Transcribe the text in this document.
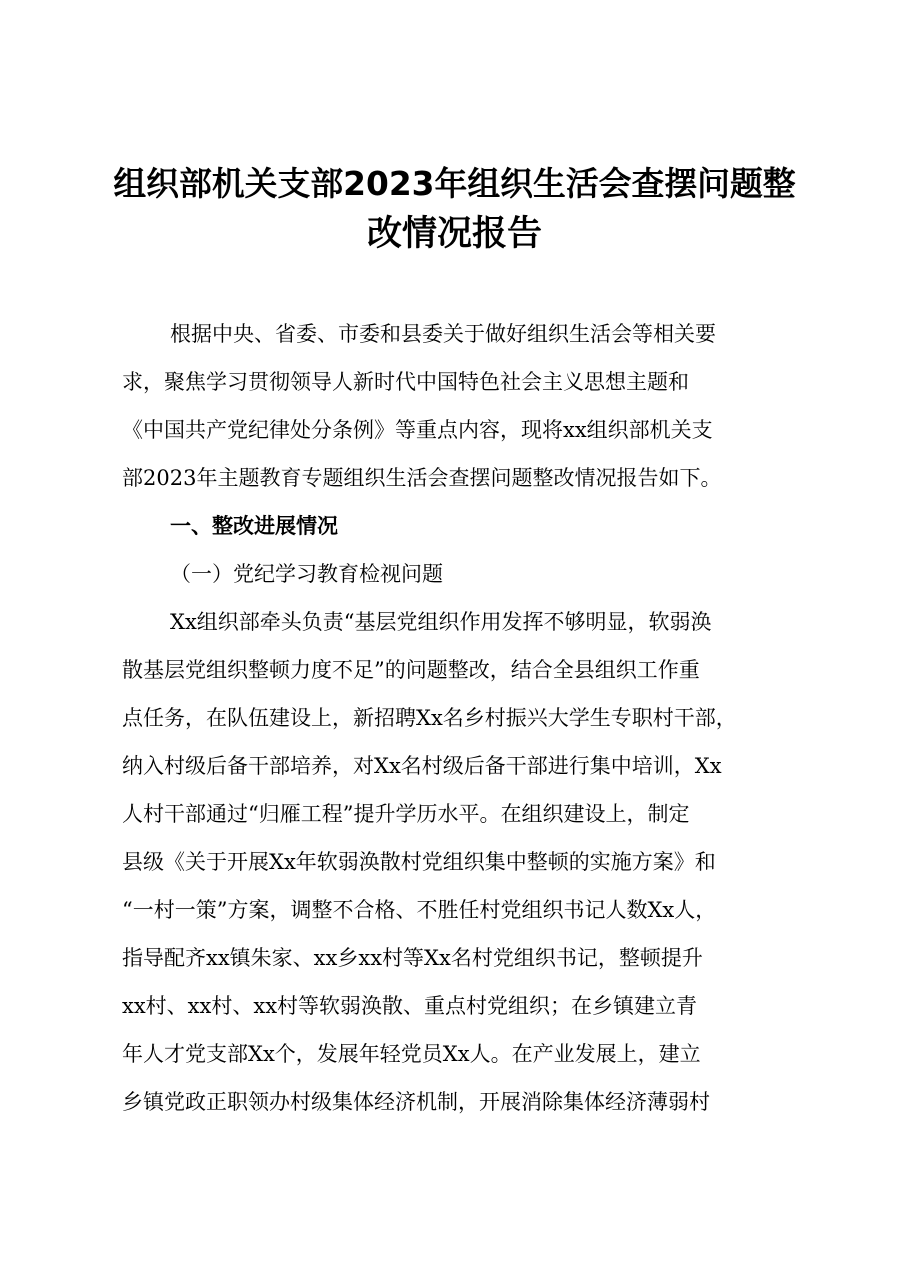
组织部机关支部2023年组织生活会查摆问题整
改情况报告
根据中央、省委、市委和县委关于做好组织生活会等相关要
求，聚焦学习贯彻领导人新时代中国特色社会主义思想主题和
《中国共产党纪律处分条例》等重点内容，现将xx组织部机关支
部2023年主题教育专题组织生活会查摆问题整改情况报告如下。
一、整改进展情况
（一）党纪学习教育检视问题
Xx组织部牵头负责“基层党组织作用发挥不够明显，软弱涣
散基层党组织整顿力度不足”的问题整改，结合全县组织工作重
点任务，在队伍建设上，新招聘Xx名乡村振兴大学生专职村干部，
纳入村级后备干部培养，对Xx名村级后备干部进行集中培训，Xx
人村干部通过“归雁工程”提升学历水平。在组织建设上，制定
县级《关于开展Xx年软弱涣散村党组织集中整顿的实施方案》和
“一村一策”方案，调整不合格、不胜任村党组织书记人数Xx人，
指导配齐xx镇朱家、xx乡xx村等Xx名村党组织书记，整顿提升
xx村、xx村、xx村等软弱涣散、重点村党组织；在乡镇建立青
年人才党支部Xx个，发展年轻党员Xx人。在产业发展上，建立
乡镇党政正职领办村级集体经济机制，开展消除集体经济薄弱村
